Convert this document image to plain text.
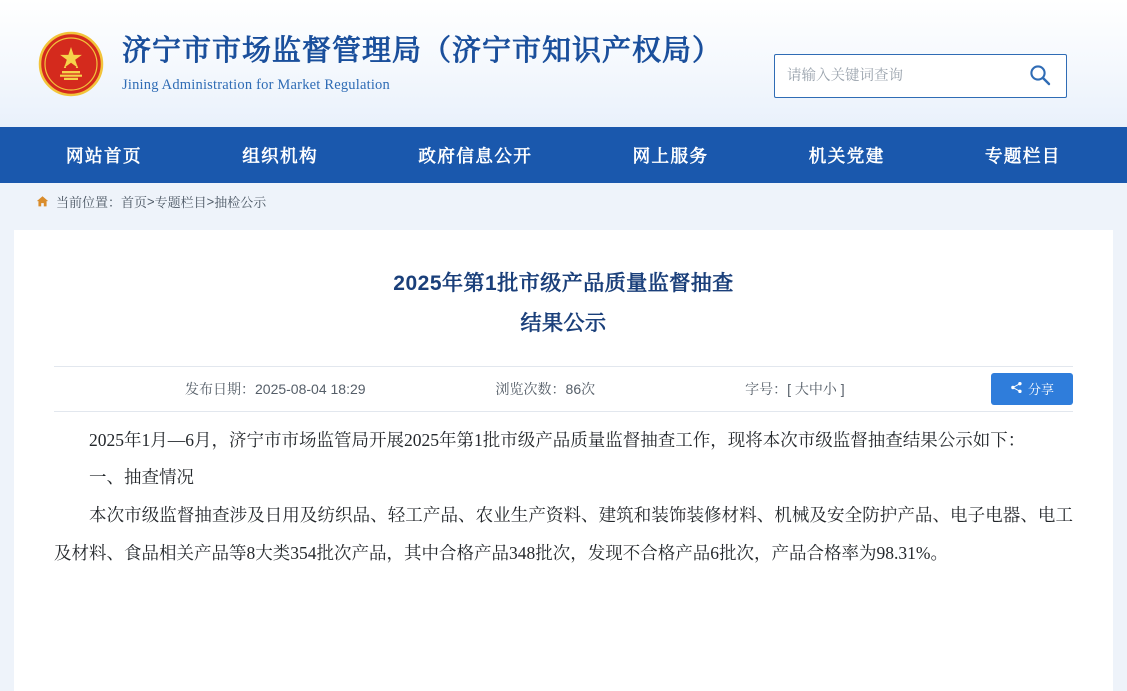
济宁市市场监督管理局（济宁市知识产权局）
Jining Administration for Market Regulation
请输入关键词查询
网站首页	组织机构	政府信息公开	网上服务	机关党建	专题栏目
当前位置： 首页 > 专题栏目 > 抽检公示
2025年第1批市级产品质量监督抽查
结果公示
发布日期： 2025-08-04 18:29	浏览次数： 86次	字号： [ 大中小 ]	分享

2025年1月—6月，济宁市市场监管局开展2025年第1批市级产品质量监督抽查工作，现将本次市级监督抽查结果公示如下：

一、抽查情况

本次市级监督抽查涉及日用及纺织品、轻工产品、农业生产资料、建筑和装饰装修材料、机械及安全防护产品、电子电器、电工及材料、食品相关产品等8大类354批次产品，其中合格产品348批次，发现不合格产品6批次，产品合格率为98.31%。
